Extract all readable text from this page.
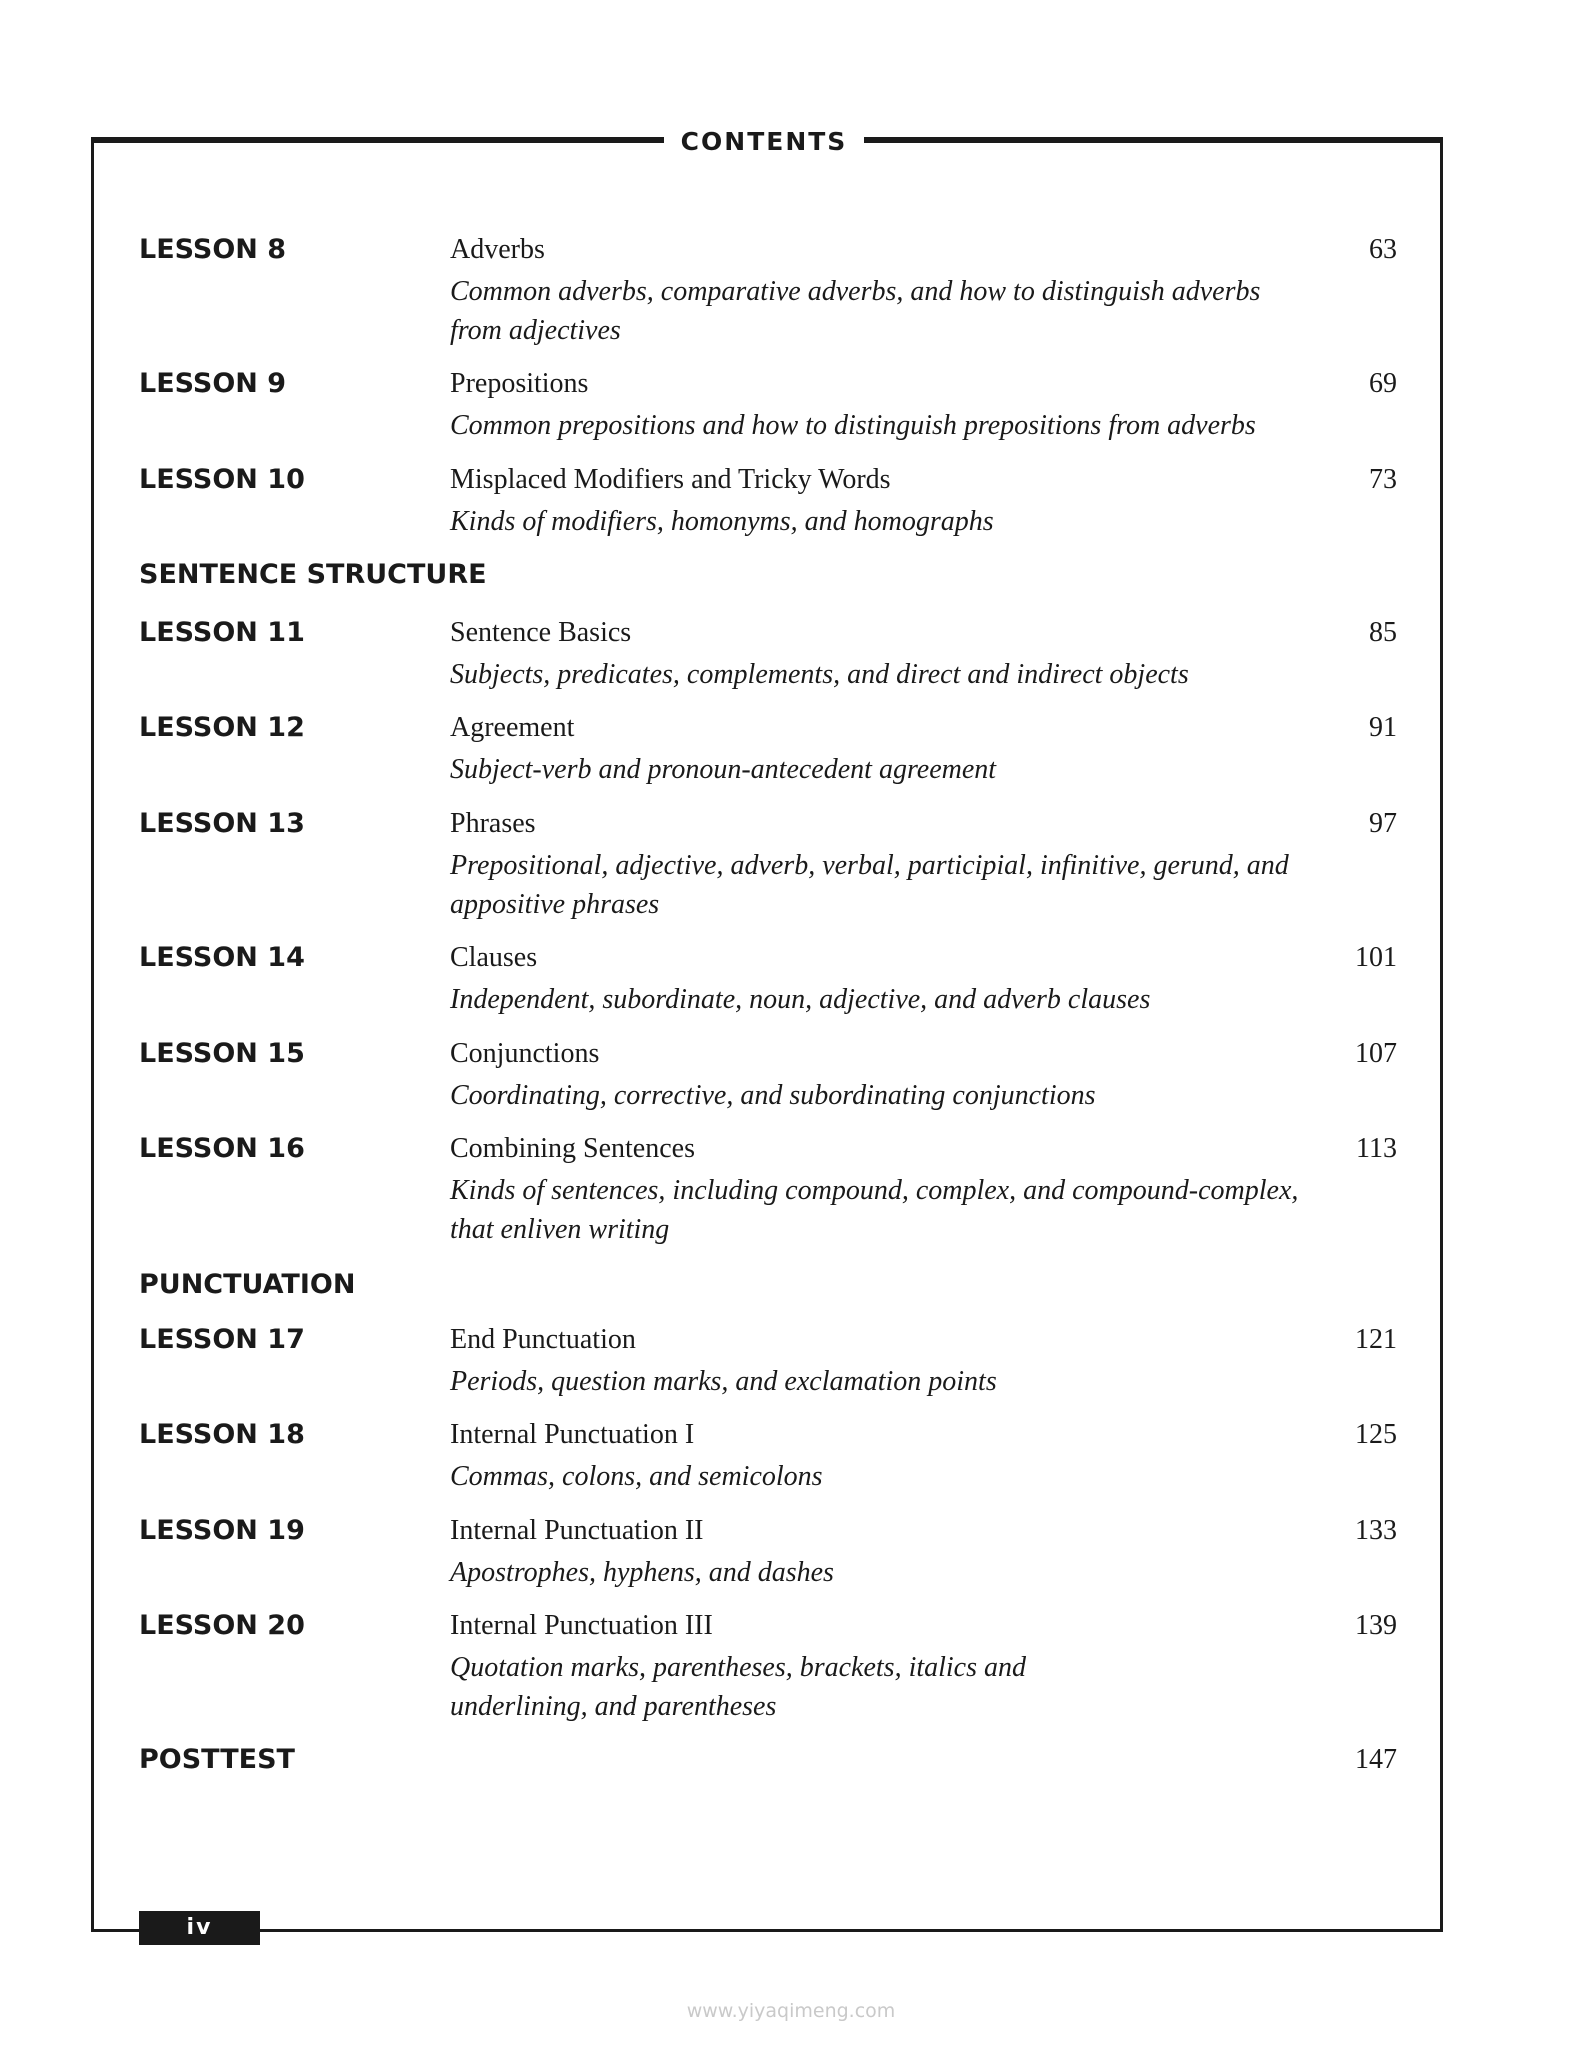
CONTENTS
LESSON 8	Adverbs
Common adverbs, comparative adverbs, and how to distinguish adverbs from adjectives
63
LESSON 9	Prepositions
Common prepositions and how to distinguish prepositions from adverbs
69
LESSON 10	Misplaced Modifiers and Tricky Words
Kinds of modifiers, homonyms, and homographs
73
SENTENCE STRUCTURE
LESSON 11	Sentence Basics
Subjects, predicates, complements, and direct and indirect objects
85
LESSON 12	Agreement
Subject-verb and pronoun-antecedent agreement
91
LESSON 13	Phrases
Prepositional, adjective, adverb, verbal, participial, infinitive, gerund, and appositive phrases
97
LESSON 14	Clauses
Independent, subordinate, noun, adjective, and adverb clauses
101
LESSON 15	Conjunctions
Coordinating, corrective, and subordinating conjunctions
107
LESSON 16	Combining Sentences
Kinds of sentences, including compound, complex, and compound-complex, that enliven writing
113
PUNCTUATION
LESSON 17	End Punctuation
Periods, question marks, and exclamation points
121
LESSON 18	Internal Punctuation I
Commas, colons, and semicolons
125
LESSON 19	Internal Punctuation II
Apostrophes, hyphens, and dashes
133
LESSON 20	Internal Punctuation III
Quotation marks, parentheses, brackets, italics and underlining, and parentheses
139
POSTTEST	147
iv
www.yiyaqimeng.com
